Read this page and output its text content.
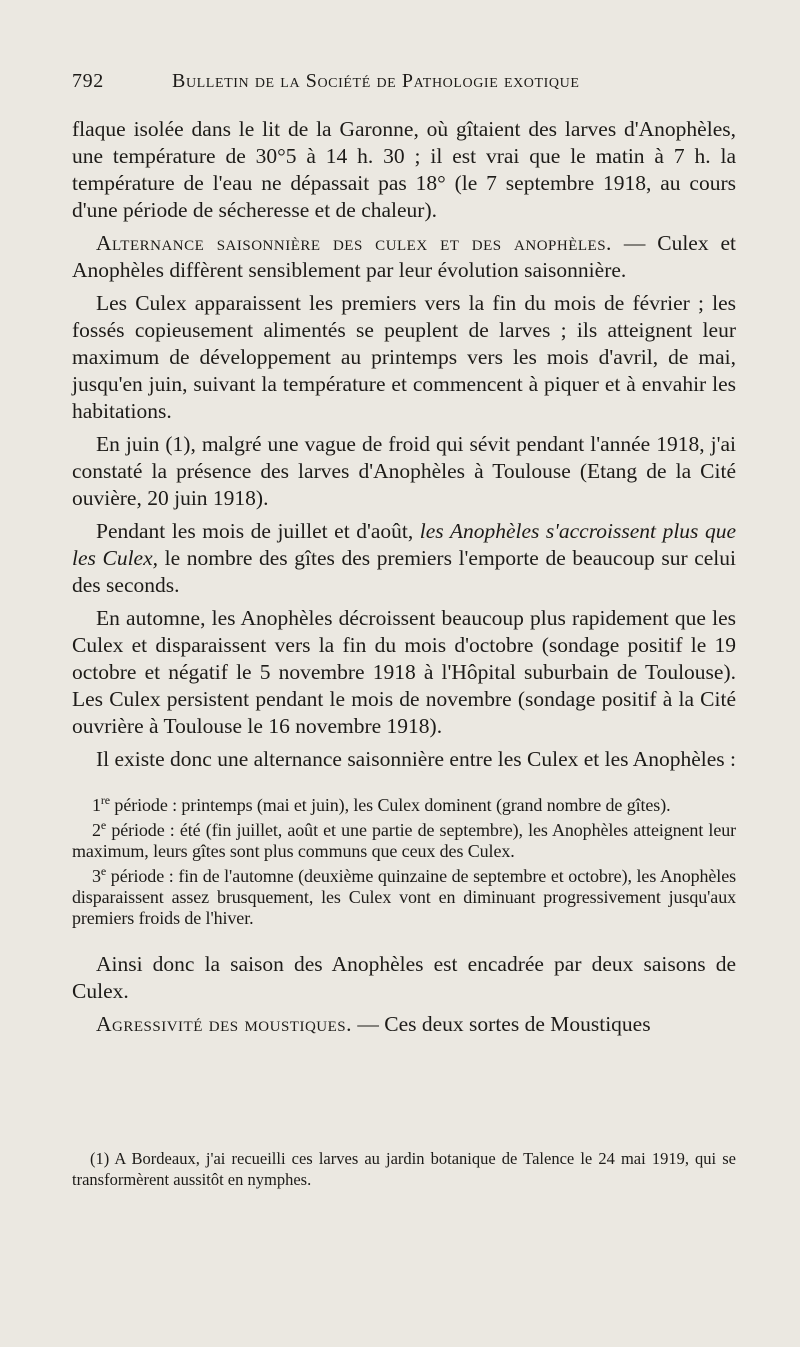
792	Bulletin de la Société de Pathologie exotique

flaque isolée dans le lit de la Garonne, où gîtaient des larves d'Anophèles, une température de 30°5 à 14 h. 30 ; il est vrai que le matin à 7 h. la température de l'eau ne dépassait pas 18° (le 7 septembre 1918, au cours d'une période de sécheresse et de chaleur).

Alternance saisonnière des culex et des anophèles. — Culex et Anophèles diffèrent sensiblement par leur évolution saisonnière.

Les Culex apparaissent les premiers vers la fin du mois de février ; les fossés copieusement alimentés se peuplent de larves ; ils atteignent leur maximum de développement au printemps vers les mois d'avril, de mai, jusqu'en juin, suivant la température et commencent à piquer et à envahir les habitations.

En juin (1), malgré une vague de froid qui sévit pendant l'année 1918, j'ai constaté la présence des larves d'Anophèles à Toulouse (Etang de la Cité ouvière, 20 juin 1918).

Pendant les mois de juillet et d'août, les Anophèles s'accroissent plus que les Culex, le nombre des gîtes des premiers l'emporte de beaucoup sur celui des seconds.

En automne, les Anophèles décroissent beaucoup plus rapidement que les Culex et disparaissent vers la fin du mois d'octobre (sondage positif le 19 octobre et négatif le 5 novembre 1918 à l'Hôpital suburbain de Toulouse). Les Culex persistent pendant le mois de novembre (sondage positif à la Cité ouvrière à Toulouse le 16 novembre 1918).

Il existe donc une alternance saisonnière entre les Culex et les Anophèles :

1re période : printemps (mai et juin), les Culex dominent (grand nombre de gîtes).

2e période : été (fin juillet, août et une partie de septembre), les Anophèles atteignent leur maximum, leurs gîtes sont plus communs que ceux des Culex.

3e période : fin de l'automne (deuxième quinzaine de septembre et octobre), les Anophèles disparaissent assez brusquement, les Culex vont en diminuant progressivement jusqu'aux premiers froids de l'hiver.

Ainsi donc la saison des Anophèles est encadrée par deux saisons de Culex.

Agressivité des moustiques. — Ces deux sortes de Moustiques

(1) A Bordeaux, j'ai recueilli ces larves au jardin botanique de Talence le 24 mai 1919, qui se transformèrent aussitôt en nymphes.
